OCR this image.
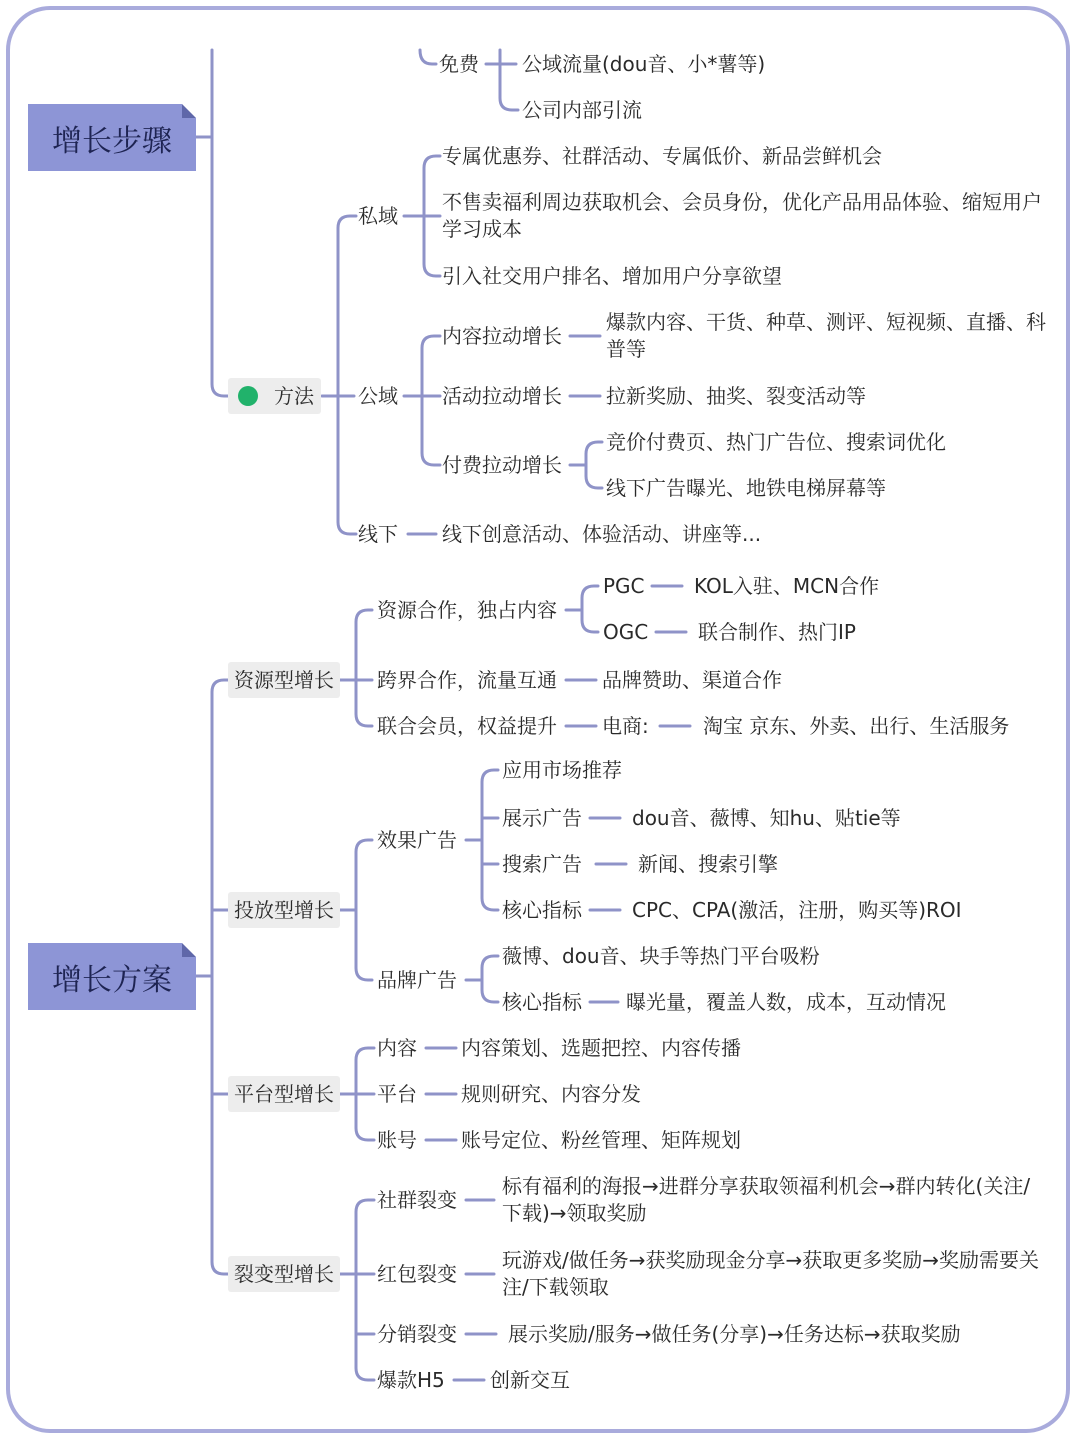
增长步骤
增长方案
方法
免费 公域流量(dou音、小*薯等)
公司内部引流
私域
专属优惠券、社群活动、专属低价、新品尝鲜机会
不售卖福利周边获取机会、会员身份，优化产品用品体验、缩短用户学习成本
引入社交用户排名、增加用户分享欲望
公域
内容拉动增长
爆款内容、干货、种草、测评、短视频、直播、科普等
活动拉动增长 拉新奖励、抽奖、裂变活动等
付费拉动增长
竞价付费页、热门广告位、搜索词优化
线下广告曝光、地铁电梯屏幕等
线下 线下创意活动、体验活动、讲座等...
资源型增长
资源合作，独占内容
PGC KOL入驻、MCN合作
OGC 联合制作、热门IP
跨界合作，流量互通 品牌赞助、渠道合作
联合会员，权益提升 电商:	淘宝 京东、外卖、出行、生活服务
投放型增长
效果广告
应用市场推荐
展示广告	dou音、薇博、知hu、贴tie等
搜索广告	新闻、搜索引擎
核心指标	CPC、CPA(激活，注册，购买等)ROI
品牌广告
薇博、dou音、块手等热门平台吸粉
核心指标 曝光量，覆盖人数，成本，互动情况
平台型增长
内容 内容策划、选题把控、内容传播
平台 规则研究、内容分发
账号 账号定位、粉丝管理、矩阵规划
裂变型增长
社群裂变
标有福利的海报→进群分享获取领福利机会→群内转化(关注/下载)→领取奖励
红包裂变
玩游戏/做任务→获奖励现金分享→获取更多奖励→奖励需要关注/下载领取
分销裂变	展示奖励/服务→做任务(分享)→任务达标→获取奖励
爆款H5 创新交互
